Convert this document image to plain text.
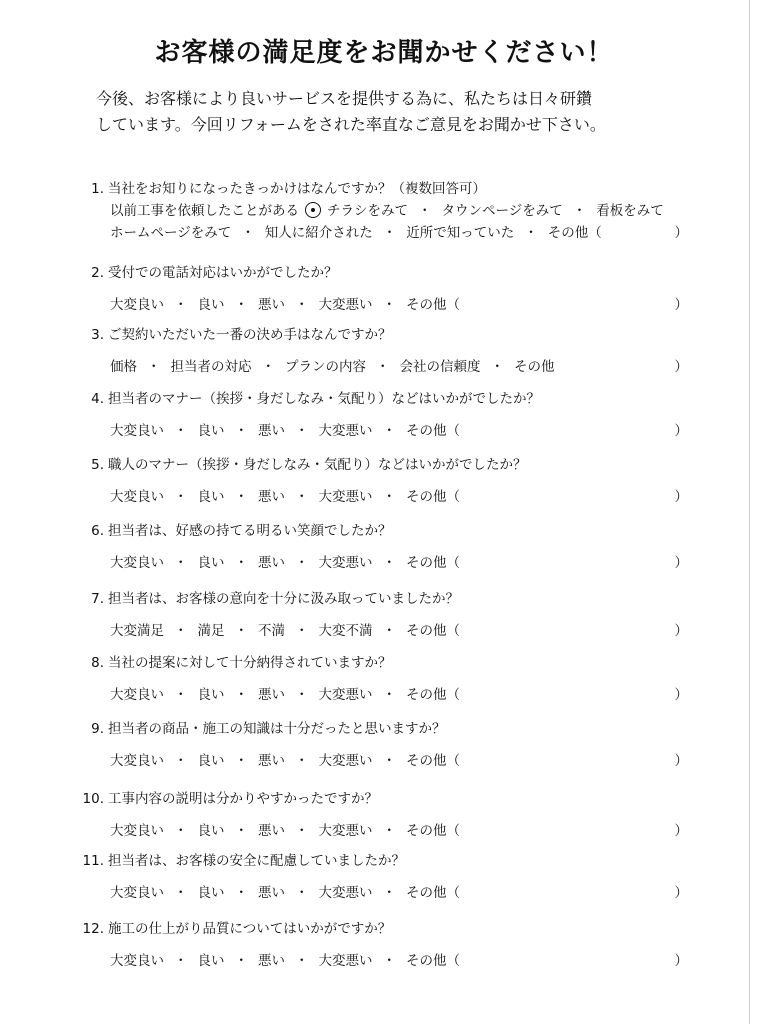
お客様の満足度をお聞かせください！
今後、お客様により良いサービスを提供する為に、私たちは日々研鑽
しています。今回リフォームをされた率直なご意見をお聞かせ下さい。
1. 当社をお知りになったきっかけはなんですか？（複数回答可）
以前工事を依頼したことがある チラシをみて ・ タウンページをみて ・ 看板をみて
ホームページをみて ・ 知人に紹介された ・ 近所で知っていた ・ その他（	）
2. 受付での電話対応はいかがでしたか？
大変良い ・ 良い ・ 悪い ・ 大変悪い ・ その他（	）
3. ご契約いただいた一番の決め手はなんですか？
価格 ・ 担当者の対応 ・ プランの内容 ・ 会社の信頼度 ・ その他	）
4. 担当者のマナー（挨拶・身だしなみ・気配り）などはいかがでしたか？
大変良い ・ 良い ・ 悪い ・ 大変悪い ・ その他（	）
5. 職人のマナー（挨拶・身だしなみ・気配り）などはいかがでしたか？
大変良い ・ 良い ・ 悪い ・ 大変悪い ・ その他（	）
6. 担当者は、好感の持てる明るい笑顔でしたか？
大変良い ・ 良い ・ 悪い ・ 大変悪い ・ その他（	）
7. 担当者は、お客様の意向を十分に汲み取っていましたか？
大変満足 ・ 満足 ・ 不満 ・ 大変不満 ・ その他（	）
8. 当社の提案に対して十分納得されていますか？
大変良い ・ 良い ・ 悪い ・ 大変悪い ・ その他（	）
9. 担当者の商品・施工の知識は十分だったと思いますか？
大変良い ・ 良い ・ 悪い ・ 大変悪い ・ その他（	）
10. 工事内容の説明は分かりやすかったですか？
大変良い ・ 良い ・ 悪い ・ 大変悪い ・ その他（	）
11. 担当者は、お客様の安全に配慮していましたか？
大変良い ・ 良い ・ 悪い ・ 大変悪い ・ その他（	）
12. 施工の仕上がり品質についてはいかがですか？
大変良い ・ 良い ・ 悪い ・ 大変悪い ・ その他（	）
